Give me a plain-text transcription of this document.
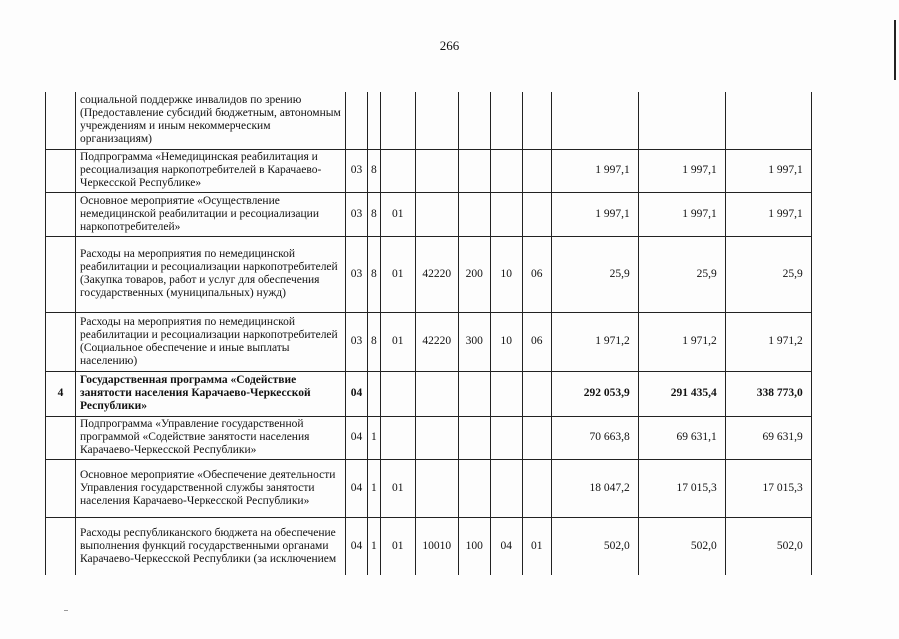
266
	социальной поддержке инвалидов по зрению (Предоставление субсидий бюджетным, автономным учреждениям и иным некоммерческим организациям)										
	Подпрограмма «Немедицинская реабилитация и ресоциализация наркопотребителей в Карачаево-Черкесской Республике»	03	8						1 997,1	1 997,1	1 997,1
	Основное мероприятие «Осуществление немедицинской реабилитации и ресоциализации наркопотребителей»	03	8	01					1 997,1	1 997,1	1 997,1
	Расходы на мероприятия по немедицинской реабилитации и ресоциализации наркопотребителей (Закупка товаров, работ и услуг для обеспечения государственных (муниципальных) нужд)	03	8	01	42220	200	10	06	25,9	25,9	25,9
	Расходы на мероприятия по немедицинской реабилитации и ресоциализации наркопотребителей (Социальное обеспечение и иные выплаты населению)	03	8	01	42220	300	10	06	1 971,2	1 971,2	1 971,2
4	Государственная программа «Содействие занятости населения Карачаево-Черкесской Республики»	04							292 053,9	291 435,4	338 773,0
	Подпрограмма «Управление государственной программой «Содействие занятости населения Карачаево-Черкесской Республики»	04	1						70 663,8	69 631,1	69 631,9
	Основное мероприятие «Обеспечение деятельности Управления государственной службы занятости населения Карачаево-Черкесской Республики»	04	1	01					18 047,2	17 015,3	17 015,3
	Расходы республиканского бюджета на обеспечение выполнения функций государственными органами Карачаево-Черкесской Республики (за исключением	04	1	01	10010	100	04	01	502,0	502,0	502,0
